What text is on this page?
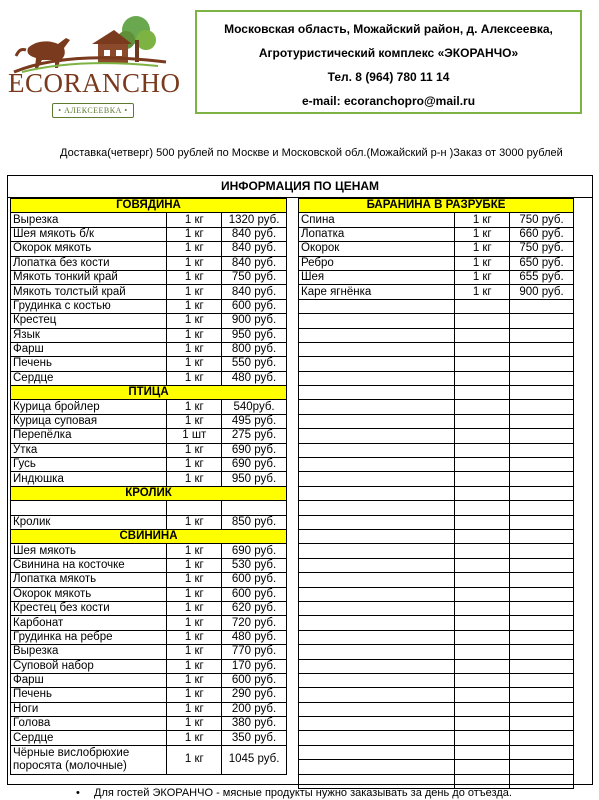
ECORANCHO
• АЛЕКСЕЕВКА •
Московская область, Можайский район, д. Алексеевка,
Агротуристический комплекс «ЭКОРАНЧО»
Тел. 8 (964) 780 11 14
e-mail: ecoranchopro@mail.ru
Доставка(четверг) 500 рублей по Москве и Московской обл.(Можайский р-н )Заказ от 3000 рублей
ИНФОРМАЦИЯ ПО ЦЕНАМ
ГОВЯДИНА		
Вырезка	1 кг	1320 руб.
Шея мякоть б/к	1 кг	840 руб.
Окорок мякоть	1 кг	840 руб.
Лопатка без кости	1 кг	840 руб.
Мякоть тонкий край	1 кг	750 руб.
Мякоть толстый край	1 кг	840 руб.
Грудинка с костью	1 кг	600 руб.
Крестец	1 кг	900 руб.
Язык	1 кг	950 руб.
Фарш	1 кг	800 руб.
Печень	1 кг	550 руб.
Сердце	1 кг	480 руб.
ПТИЦА		
Курица бройлер	1 кг	540руб.
Курица суповая	1 кг	495 руб.
Перепёлка	1 шт	275 руб.
Утка	1 кг	690 руб.
Гусь	1 кг	690 руб.
Индюшка	1 кг	950 руб.
КРОЛИК		

Кролик	1 кг	850 руб.
СВИНИНА		
Шея мякоть	1 кг	690 руб.
Свинина на косточке	1 кг	530 руб.
Лопатка мякоть	1 кг	600 руб.
Окорок мякоть	1 кг	600 руб.
Крестец без кости	1 кг	620 руб.
Карбонат	1 кг	720 руб.
Грудинка на ребре	1 кг	480 руб.
Вырезка	1 кг	770 руб.
Суповой набор	1 кг	170 руб.
Фарш	1 кг	600 руб.
Печень	1 кг	290 руб.
Ноги	1 кг	200 руб.
Голова	1 кг	380 руб.
Сердце	1 кг	350 руб.
Чёрные вислобрюхие поросята (молочные)	1 кг	1045 руб.
БАРАНИНА В РАЗРУБКЕ		
Спина	1 кг	750 руб.
Лопатка	1 кг	660 руб.
Окорок	1 кг	750 руб.
Ребро	1 кг	650 руб.
Шея	1 кг	655 руб.
Каре ягнёнка	1 кг	900 руб.

• Для гостей ЭКОРАНЧО - мясные продукты нужно заказывать за день до отъезда.
